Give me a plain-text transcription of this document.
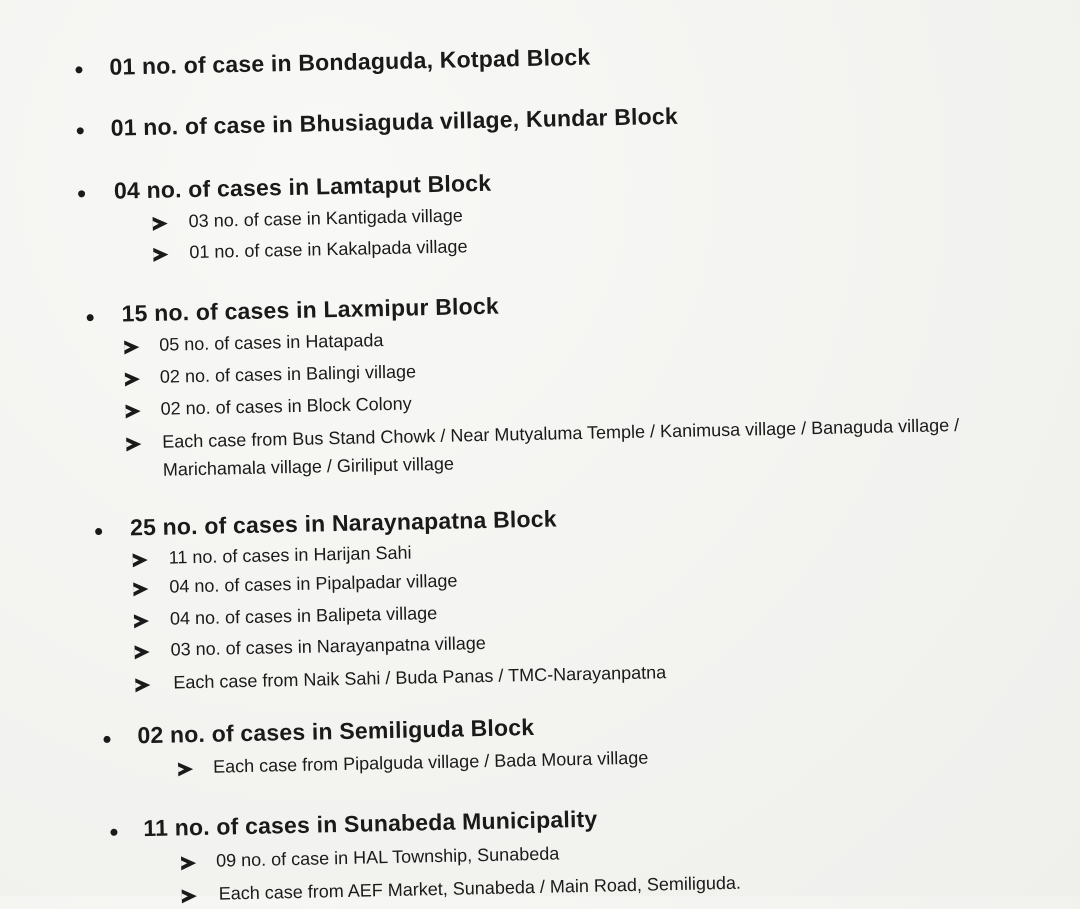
01 no. of case in Bondaguda, Kotpad Block
01 no. of case in Bhusiaguda village, Kundar Block
04 no. of cases in Lamtaput Block
03 no. of case in Kantigada village
01 no. of case in Kakalpada village
15 no. of cases in Laxmipur Block
05 no. of cases in Hatapada
02 no. of cases in Balingi village
02 no. of cases in Block Colony
Each case from Bus Stand Chowk / Near Mutyaluma Temple / Kanimusa village / Banaguda village /
Marichamala village / Giriliput village
25 no. of cases in Naraynapatna Block
11 no. of cases in Harijan Sahi
04 no. of cases in Pipalpadar village
04 no. of cases in Balipeta village
03 no. of cases in Narayanpatna village
Each case from Naik Sahi / Buda Panas / TMC-Narayanpatna
02 no. of cases in Semiliguda Block
Each case from Pipalguda village / Bada Moura village
11 no. of cases in Sunabeda Municipality
09 no. of case in HAL Township, Sunabeda
Each case from AEF Market, Sunabeda / Main Road, Semiliguda.
